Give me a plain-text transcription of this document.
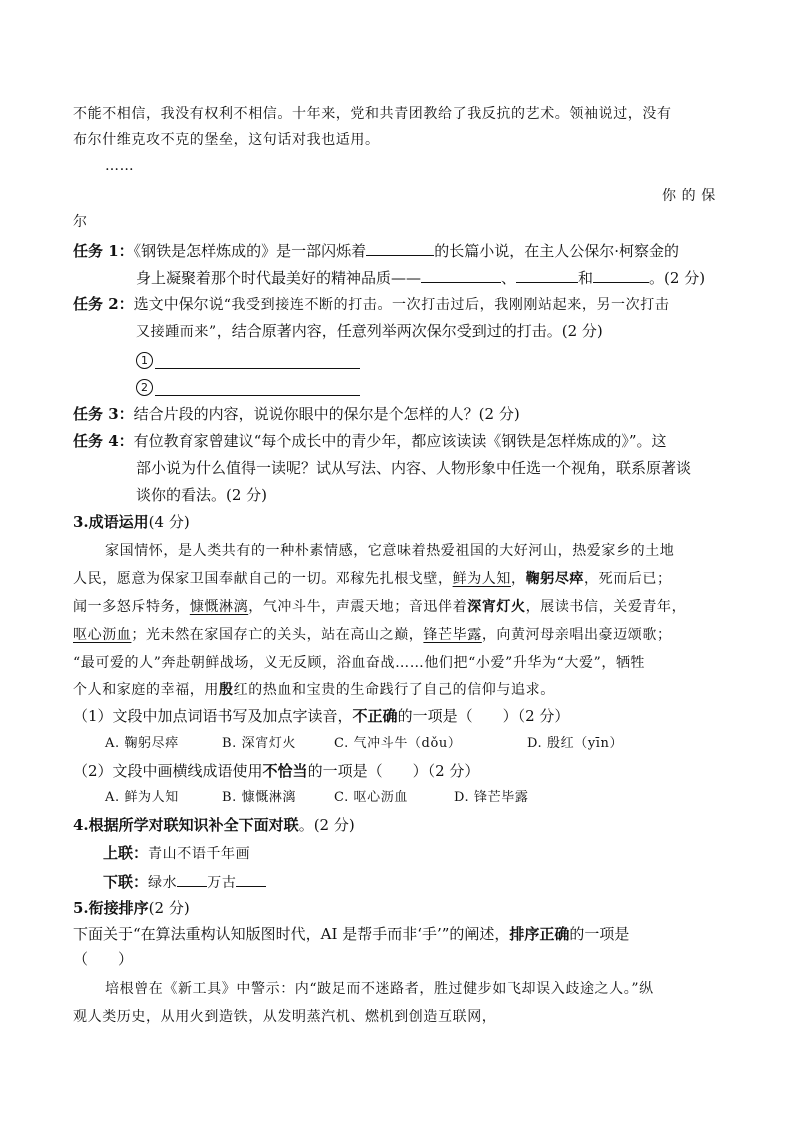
不能不相信，我没有权利不相信。十年来，党和共青团教给了我反抗的艺术。领袖说过，没有
布尔什维克攻不克的堡垒，这句话对我也适用。
……
你 的 保
尔
任务 1：《钢铁是怎样炼成的》是一部闪烁着	的长篇小说，在主人公保尔·柯察金的
身上凝聚着那个时代最美好的精神品质——	、	和	。(2 分)
任务 2：选文中保尔说“我受到接连不断的打击。一次打击过后，我刚刚站起来，另一次打击
又接踵而来”，结合原著内容，任意列举两次保尔受到过的打击。(2 分)
1
2
任务 3：结合片段的内容，说说你眼中的保尔是个怎样的人？(2 分)
任务 4：有位教育家曾建议“每个成长中的青少年，都应该读读《钢铁是怎样炼成的》”。这
部小说为什么值得一读呢？试从写法、内容、人物形象中任选一个视角，联系原著谈
谈你的看法。(2 分)
3.成语运用(4 分)
家国情怀，是人类共有的一种朴素情感，它意味着热爱祖国的大好河山，热爱家乡的土地
人民，愿意为保家卫国奉献自己的一切。邓稼先扎根戈壁，鲜为人知，鞠躬尽瘁，死而后已；
闻一多怒斥特务，慷慨淋漓，气冲斗牛，声震天地；音迅伴着深宵灯火，展读书信，关爱青年，
呕心沥血；光未然在家国存亡的关头，站在高山之巅，锋芒毕露，向黄河母亲唱出豪迈颂歌；
“最可爱的人”奔赴朝鲜战场，义无反顾，浴血奋战……他们把“小爱”升华为“大爱”，牺牲
个人和家庭的幸福，用殷红的热血和宝贵的生命践行了自己的信仰与追求。
（1）文段中加点词语书写及加点字读音，不正确的一项是（　　）（2 分）
A. 鞠躬尽瘁	B. 深宵灯火	C. 气冲斗牛（dǒu）	D. 殷红（yīn）
（2）文段中画横线成语使用不恰当的一项是（　　）（2 分）
A. 鲜为人知	B. 慷慨淋漓	C. 呕心沥血	D. 锋芒毕露
4.根据所学对联知识补全下面对联。(2 分)
上联：青山不语千年画
下联：绿水 万古
5.衔接排序(2 分)
下面关于“在算法重构认知版图时代，AI 是帮手而非‘手’”的阐述，排序正确的一项是
（　　）
培根曾在《新工具》中警示：内“跛足而不迷路者，胜过健步如飞却误入歧途之人。”纵
观人类历史，从用火到造铁，从发明蒸汽机、燃机到创造互联网，
